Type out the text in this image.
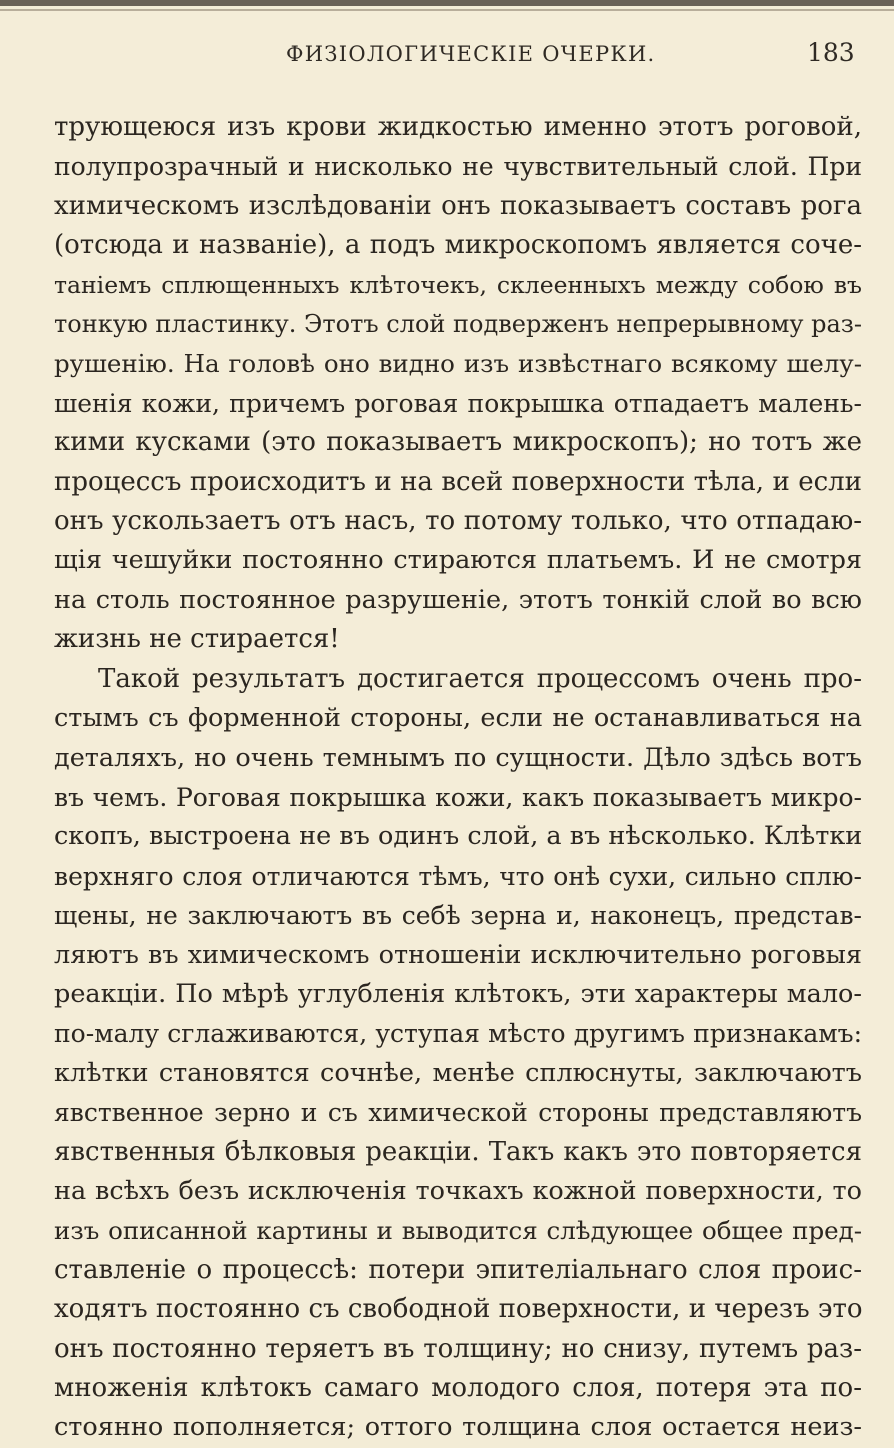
ФИЗІОЛОГИЧЕСКІЕ ОЧЕРКИ.	183
трующеюся изъ крови жидкостью именно этотъ роговой,
полупрозрачный и нисколько не чувствительный слой. При
химическомъ изслѣдованіи онъ показываетъ составъ рога
(отсюда и названіе), а подъ микроскопомъ является соче-
таніемъ сплющенныхъ клѣточекъ, склеенныхъ между собою въ
тонкую пластинку. Этотъ слой подверженъ непрерывному раз-
рушенію. На головѣ оно видно изъ извѣстнаго всякому шелу-
шенія кожи, причемъ роговая покрышка отпадаетъ малень-
кими кусками (это показываетъ микроскопъ); но тотъ же
процессъ происходитъ и на всей поверхности тѣла, и если
онъ ускользаетъ отъ насъ, то потому только, что отпадаю-
щія чешуйки постоянно стираются платьемъ. И не смотря
на столь постоянное разрушеніе, этотъ тонкій слой во всю
жизнь не стирается!
Такой результатъ достигается процессомъ очень про-
стымъ съ форменной стороны, если не останавливаться на
деталяхъ, но очень темнымъ по сущности. Дѣло здѣсь вотъ
въ чемъ. Роговая покрышка кожи, какъ показываетъ микро-
скопъ, выстроена не въ одинъ слой, а въ нѣсколько. Клѣтки
верхняго слоя отличаются тѣмъ, что онѣ сухи, сильно сплю-
щены, не заключаютъ въ себѣ зерна и, наконецъ, представ-
ляютъ въ химическомъ отношеніи исключительно роговыя
реакціи. По мѣрѣ углубленія клѣтокъ, эти характеры мало-
по-малу сглаживаются, уступая мѣсто другимъ признакамъ:
клѣтки становятся сочнѣе, менѣе сплюснуты, заключаютъ
явственное зерно и съ химической стороны представляютъ
явственныя бѣлковыя реакціи. Такъ какъ это повторяется
на всѣхъ безъ исключенія точкахъ кожной поверхности, то
изъ описанной картины и выводится слѣдующее общее пред-
ставленіе о процессѣ: потери эпителіальнаго слоя проис-
ходятъ постоянно съ свободной поверхности, и черезъ это
онъ постоянно теряетъ въ толщину; но снизу, путемъ раз-
множенія клѣтокъ самаго молодого слоя, потеря эта по-
стоянно пополняется; оттого толщина слоя остается неиз-
